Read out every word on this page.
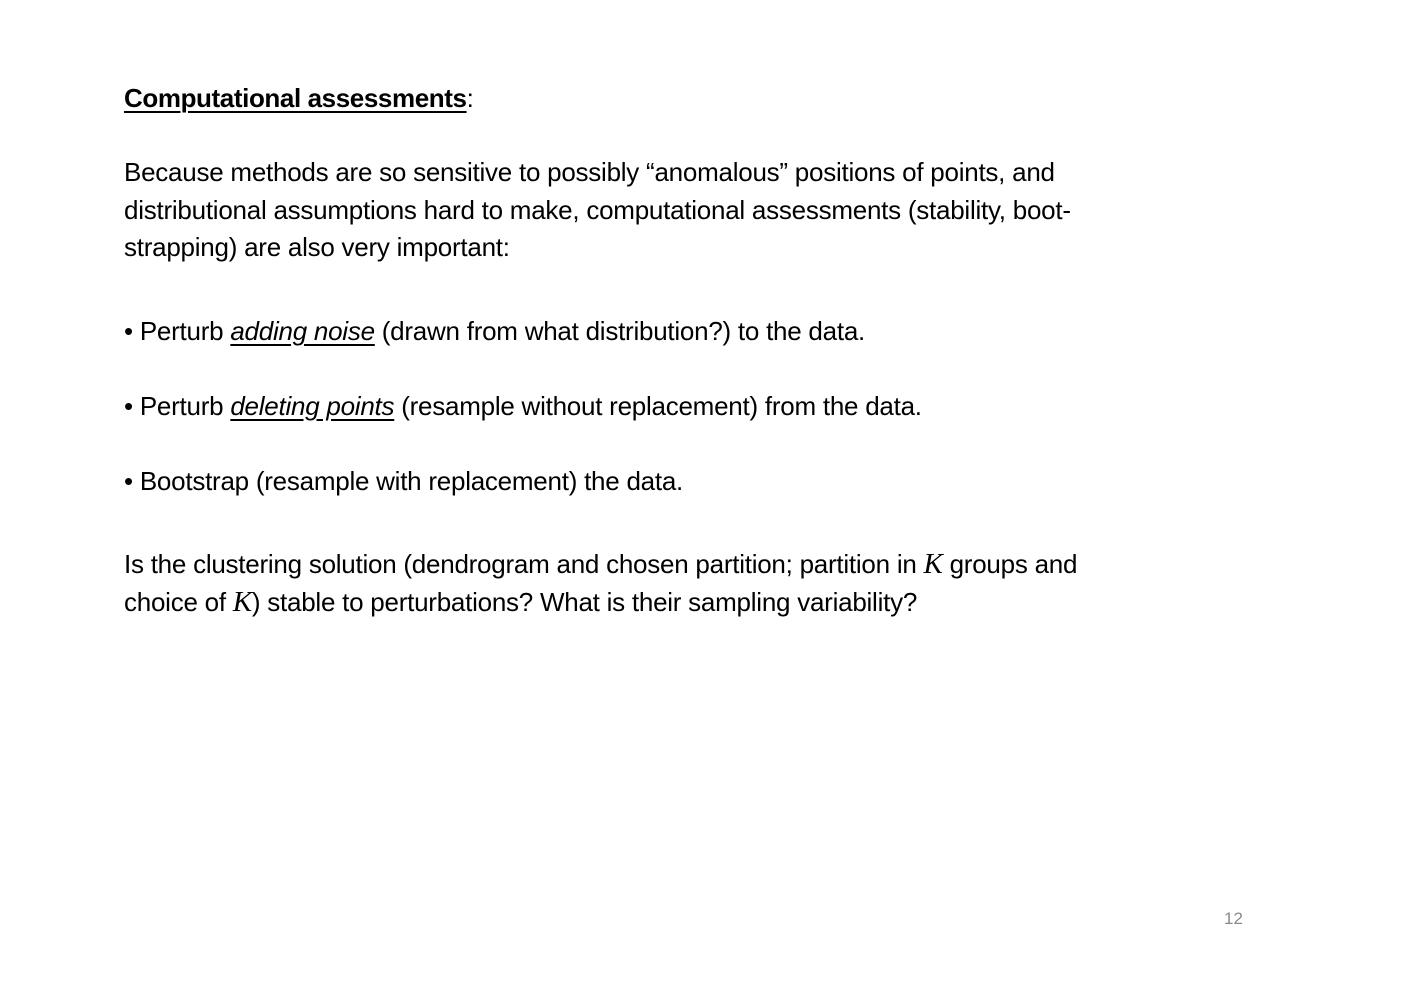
Computational assessments:

Because methods are so sensitive to possibly “anomalous” positions of points, and

distributional assumptions hard to make, computational assessments (stability, boot-

strapping) are also very important:

• Perturb adding noise (drawn from what distribution?) to the data.
• Perturb deleting points (resample without replacement) from the data.
• Bootstrap (resample with replacement) the data.

Is the clustering solution (dendrogram and chosen partition; partition in K groups and

choice of K) stable to perturbations? What is their sampling variability?

12
